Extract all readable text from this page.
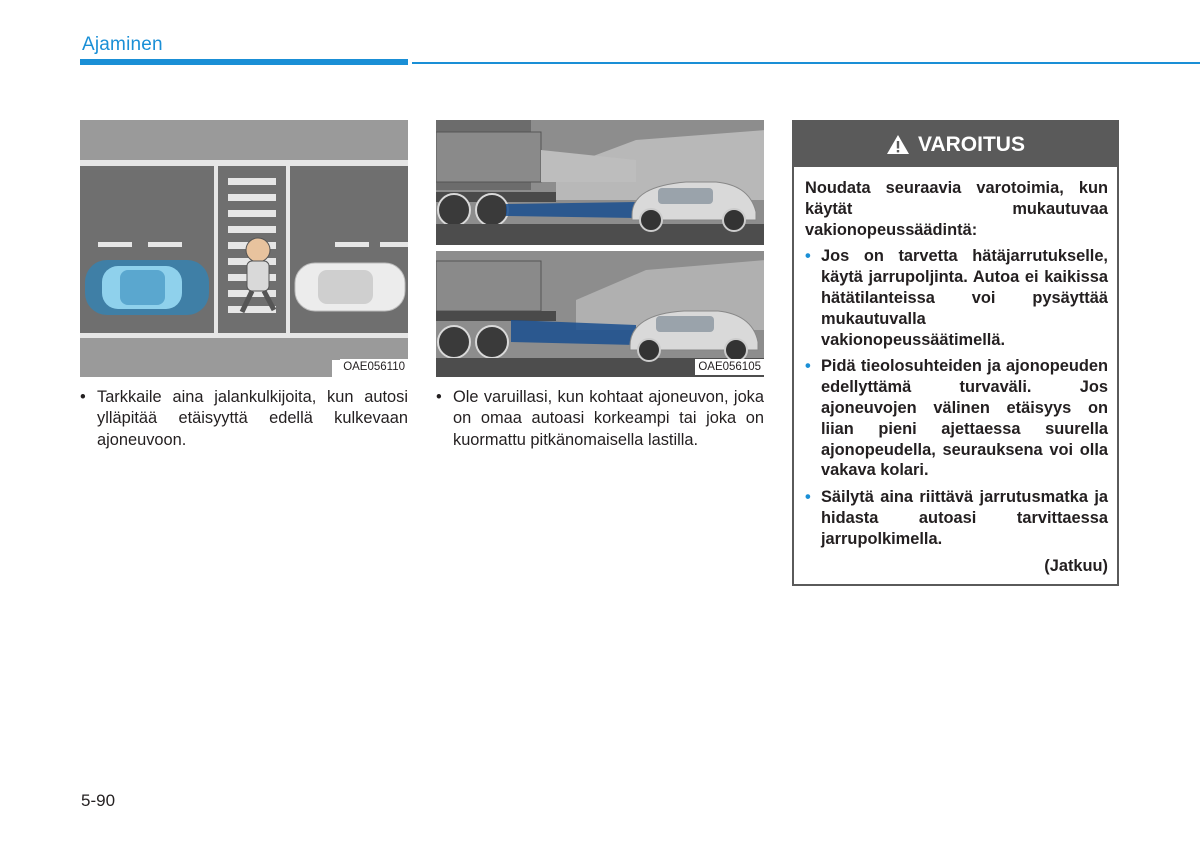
Ajaminen
OAE056110	OAE056105
• Tarkkaile aina jalankulkijoita, kun autosi ylläpitää etäisyyttä edellä kulkevaan ajoneuvoon.
• Ole varuillasi, kun kohtaat ajoneuvon, joka on omaa autoasi korkeampi tai joka on kuormattu pitkänomaisella lastilla.
VAROITUS
Noudata seuraavia varotoimia, kun käytät mukautuvaa vakionopeussäädintä:
• Jos on tarvetta hätäjarrutukselle, käytä jarrupoljinta. Autoa ei kaikissa hätätilanteissa voi pysäyttää mukautuvalla vakionopeussäätimellä.
• Pidä tieolosuhteiden ja ajonopeuden edellyttämä turvaväli. Jos ajoneuvojen välinen etäisyys on liian pieni ajettaessa suurella ajonopeudella, seurauksena voi olla vakava kolari.
• Säilytä aina riittävä jarrutusmatka ja hidasta autoasi tarvittaessa jarrupolkimella.
(Jatkuu)
5-90
